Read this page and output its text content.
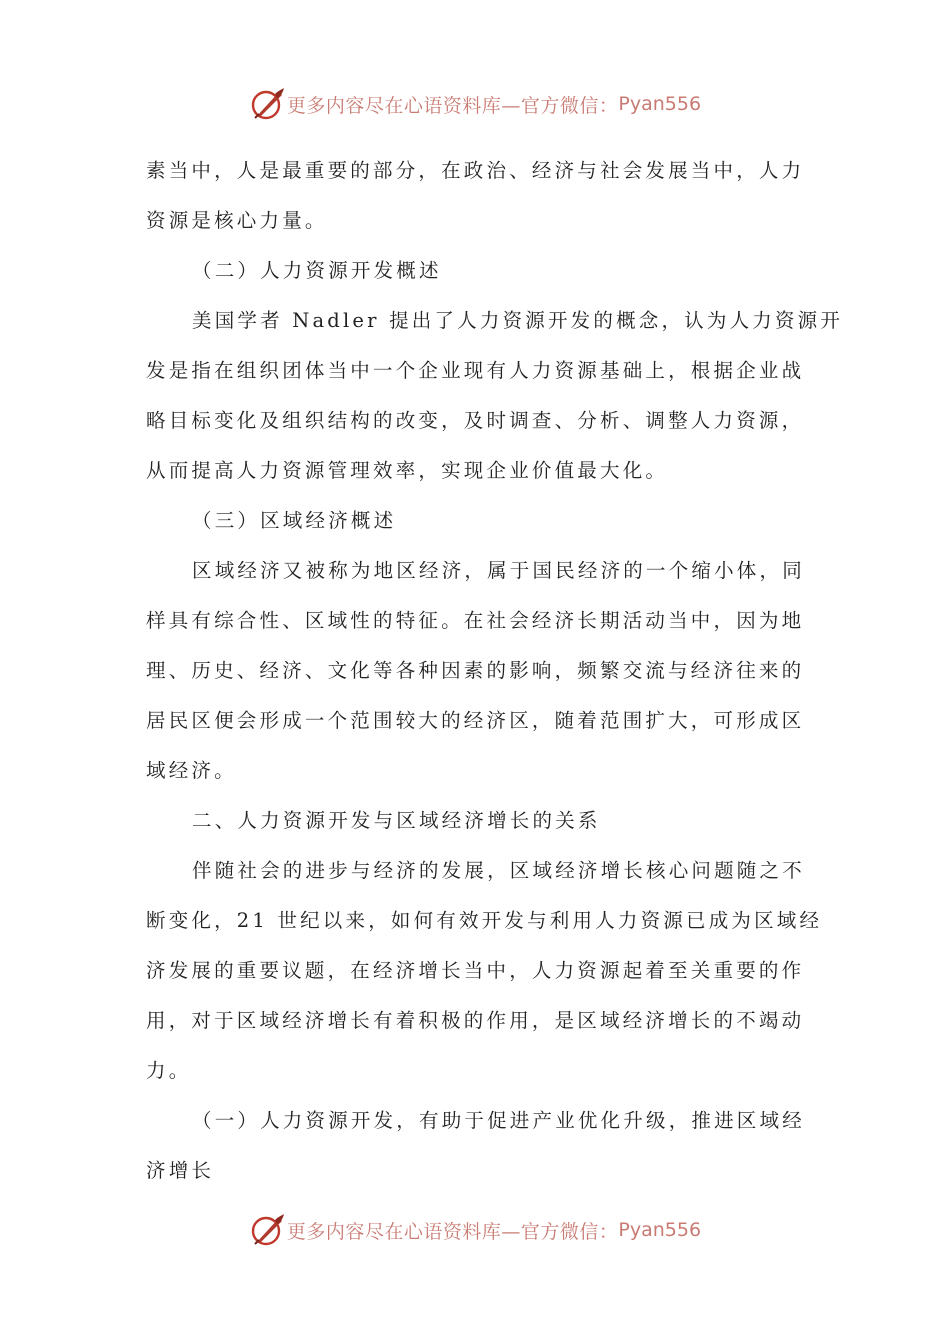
更多内容尽在心语资料库—官方微信： Pyan556

素当中，人是最重要的部分，在政治、经济与社会发展当中，人力
资源是核心力量。

（二）人力资源开发概述

美国学者 Nadler 提出了人力资源开发的概念，认为人力资源开
发是指在组织团体当中一个企业现有人力资源基础上，根据企业战
略目标变化及组织结构的改变，及时调查、分析、调整人力资源，
从而提高人力资源管理效率，实现企业价值最大化。

（三）区域经济概述

区域经济又被称为地区经济，属于国民经济的一个缩小体，同
样具有综合性、区域性的特征。在社会经济长期活动当中，因为地
理、历史、经济、文化等各种因素的影响，频繁交流与经济往来的
居民区便会形成一个范围较大的经济区，随着范围扩大，可形成区
域经济。

二、人力资源开发与区域经济增长的关系

伴随社会的进步与经济的发展，区域经济增长核心问题随之不
断变化，21 世纪以来，如何有效开发与利用人力资源已成为区域经
济发展的重要议题，在经济增长当中，人力资源起着至关重要的作
用，对于区域经济增长有着积极的作用，是区域经济增长的不竭动
力。

（一）人力资源开发，有助于促进产业优化升级，推进区域经
济增长

更多内容尽在心语资料库—官方微信： Pyan556
